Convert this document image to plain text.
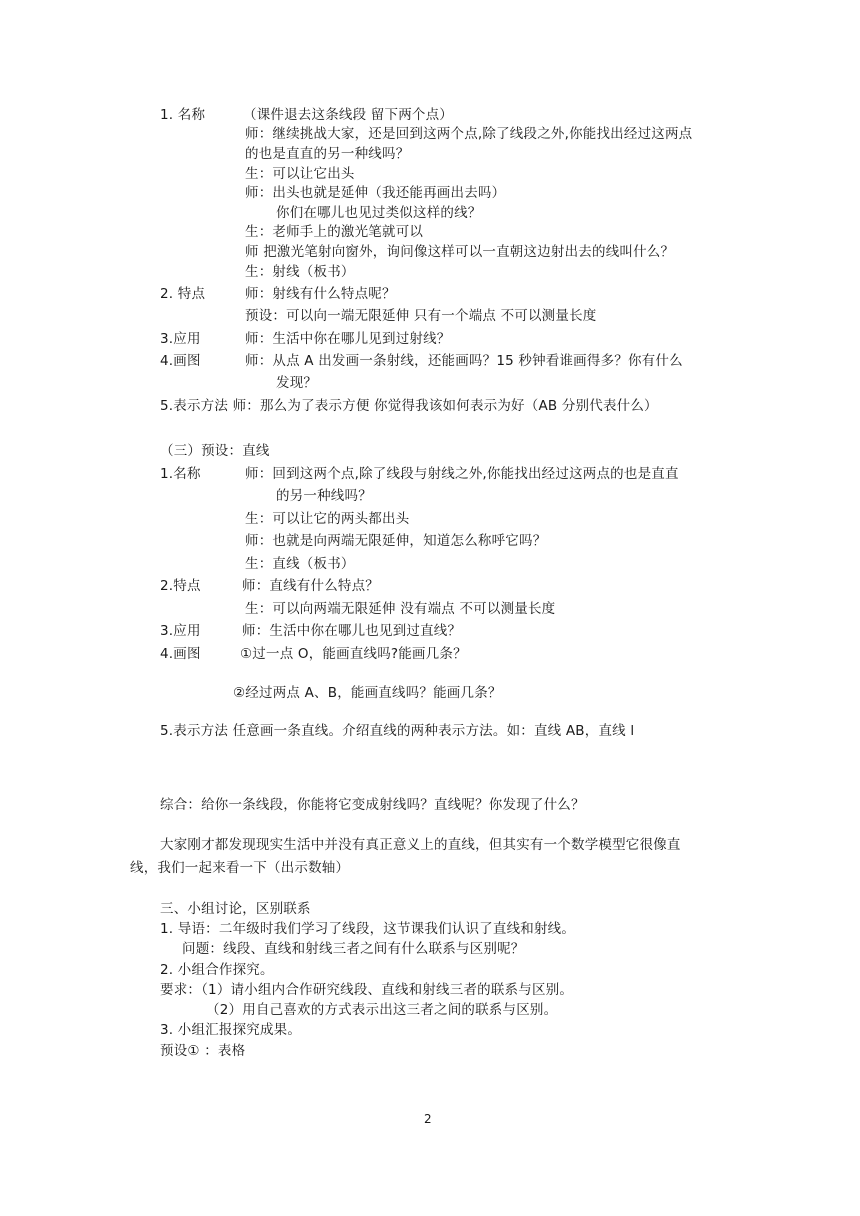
1. 名称	（课件退去这条线段 留下两个点）
师：继续挑战大家，还是回到这两个点,除了线段之外,你能找出经过这两点
的也是直直的另一种线吗？
生：可以让它出头
师：出头也就是延伸（我还能再画出去吗）
你们在哪儿也见过类似这样的线？
生：老师手上的激光笔就可以
师 把激光笔射向窗外，询问像这样可以一直朝这边射出去的线叫什么？
生：射线（板书）
2. 特点	师：射线有什么特点呢？
预设：可以向一端无限延伸 只有一个端点 不可以测量长度
3.应用	师：生活中你在哪儿见到过射线？
4.画图	师：从点 A 出发画一条射线，还能画吗？15 秒钟看谁画得多？你有什么
发现？
5.表示方法 师：那么为了表示方便 你觉得我该如何表示为好（AB 分别代表什么）
（三）预设：直线
1.名称	师：回到这两个点,除了线段与射线之外,你能找出经过这两点的也是直直
的另一种线吗？
生：可以让它的两头都出头
师：也就是向两端无限延伸，知道怎么称呼它吗？
生：直线（板书）
2.特点	师：直线有什么特点？
生：可以向两端无限延伸 没有端点 不可以测量长度
3.应用	师：生活中你在哪儿也见到过直线？
4.画图	①过一点 O，能画直线吗?能画几条？
②经过两点 A、B，能画直线吗？能画几条？
5.表示方法 任意画一条直线。介绍直线的两种表示方法。如：直线 AB，直线 l
综合：给你一条线段，你能将它变成射线吗？直线呢？你发现了什么？
大家刚才都发现现实生活中并没有真正意义上的直线，但其实有一个数学模型它很像直
线，我们一起来看一下（出示数轴）
三、小组讨论，区别联系
1. 导语：二年级时我们学习了线段，这节课我们认识了直线和射线。
问题：线段、直线和射线三者之间有什么联系与区别呢？
2. 小组合作探究。
要求：（1）请小组内合作研究线段、直线和射线三者的联系与区别。
（2）用自己喜欢的方式表示出这三者之间的联系与区别。
3. 小组汇报探究成果。
预设① ：表格
2
